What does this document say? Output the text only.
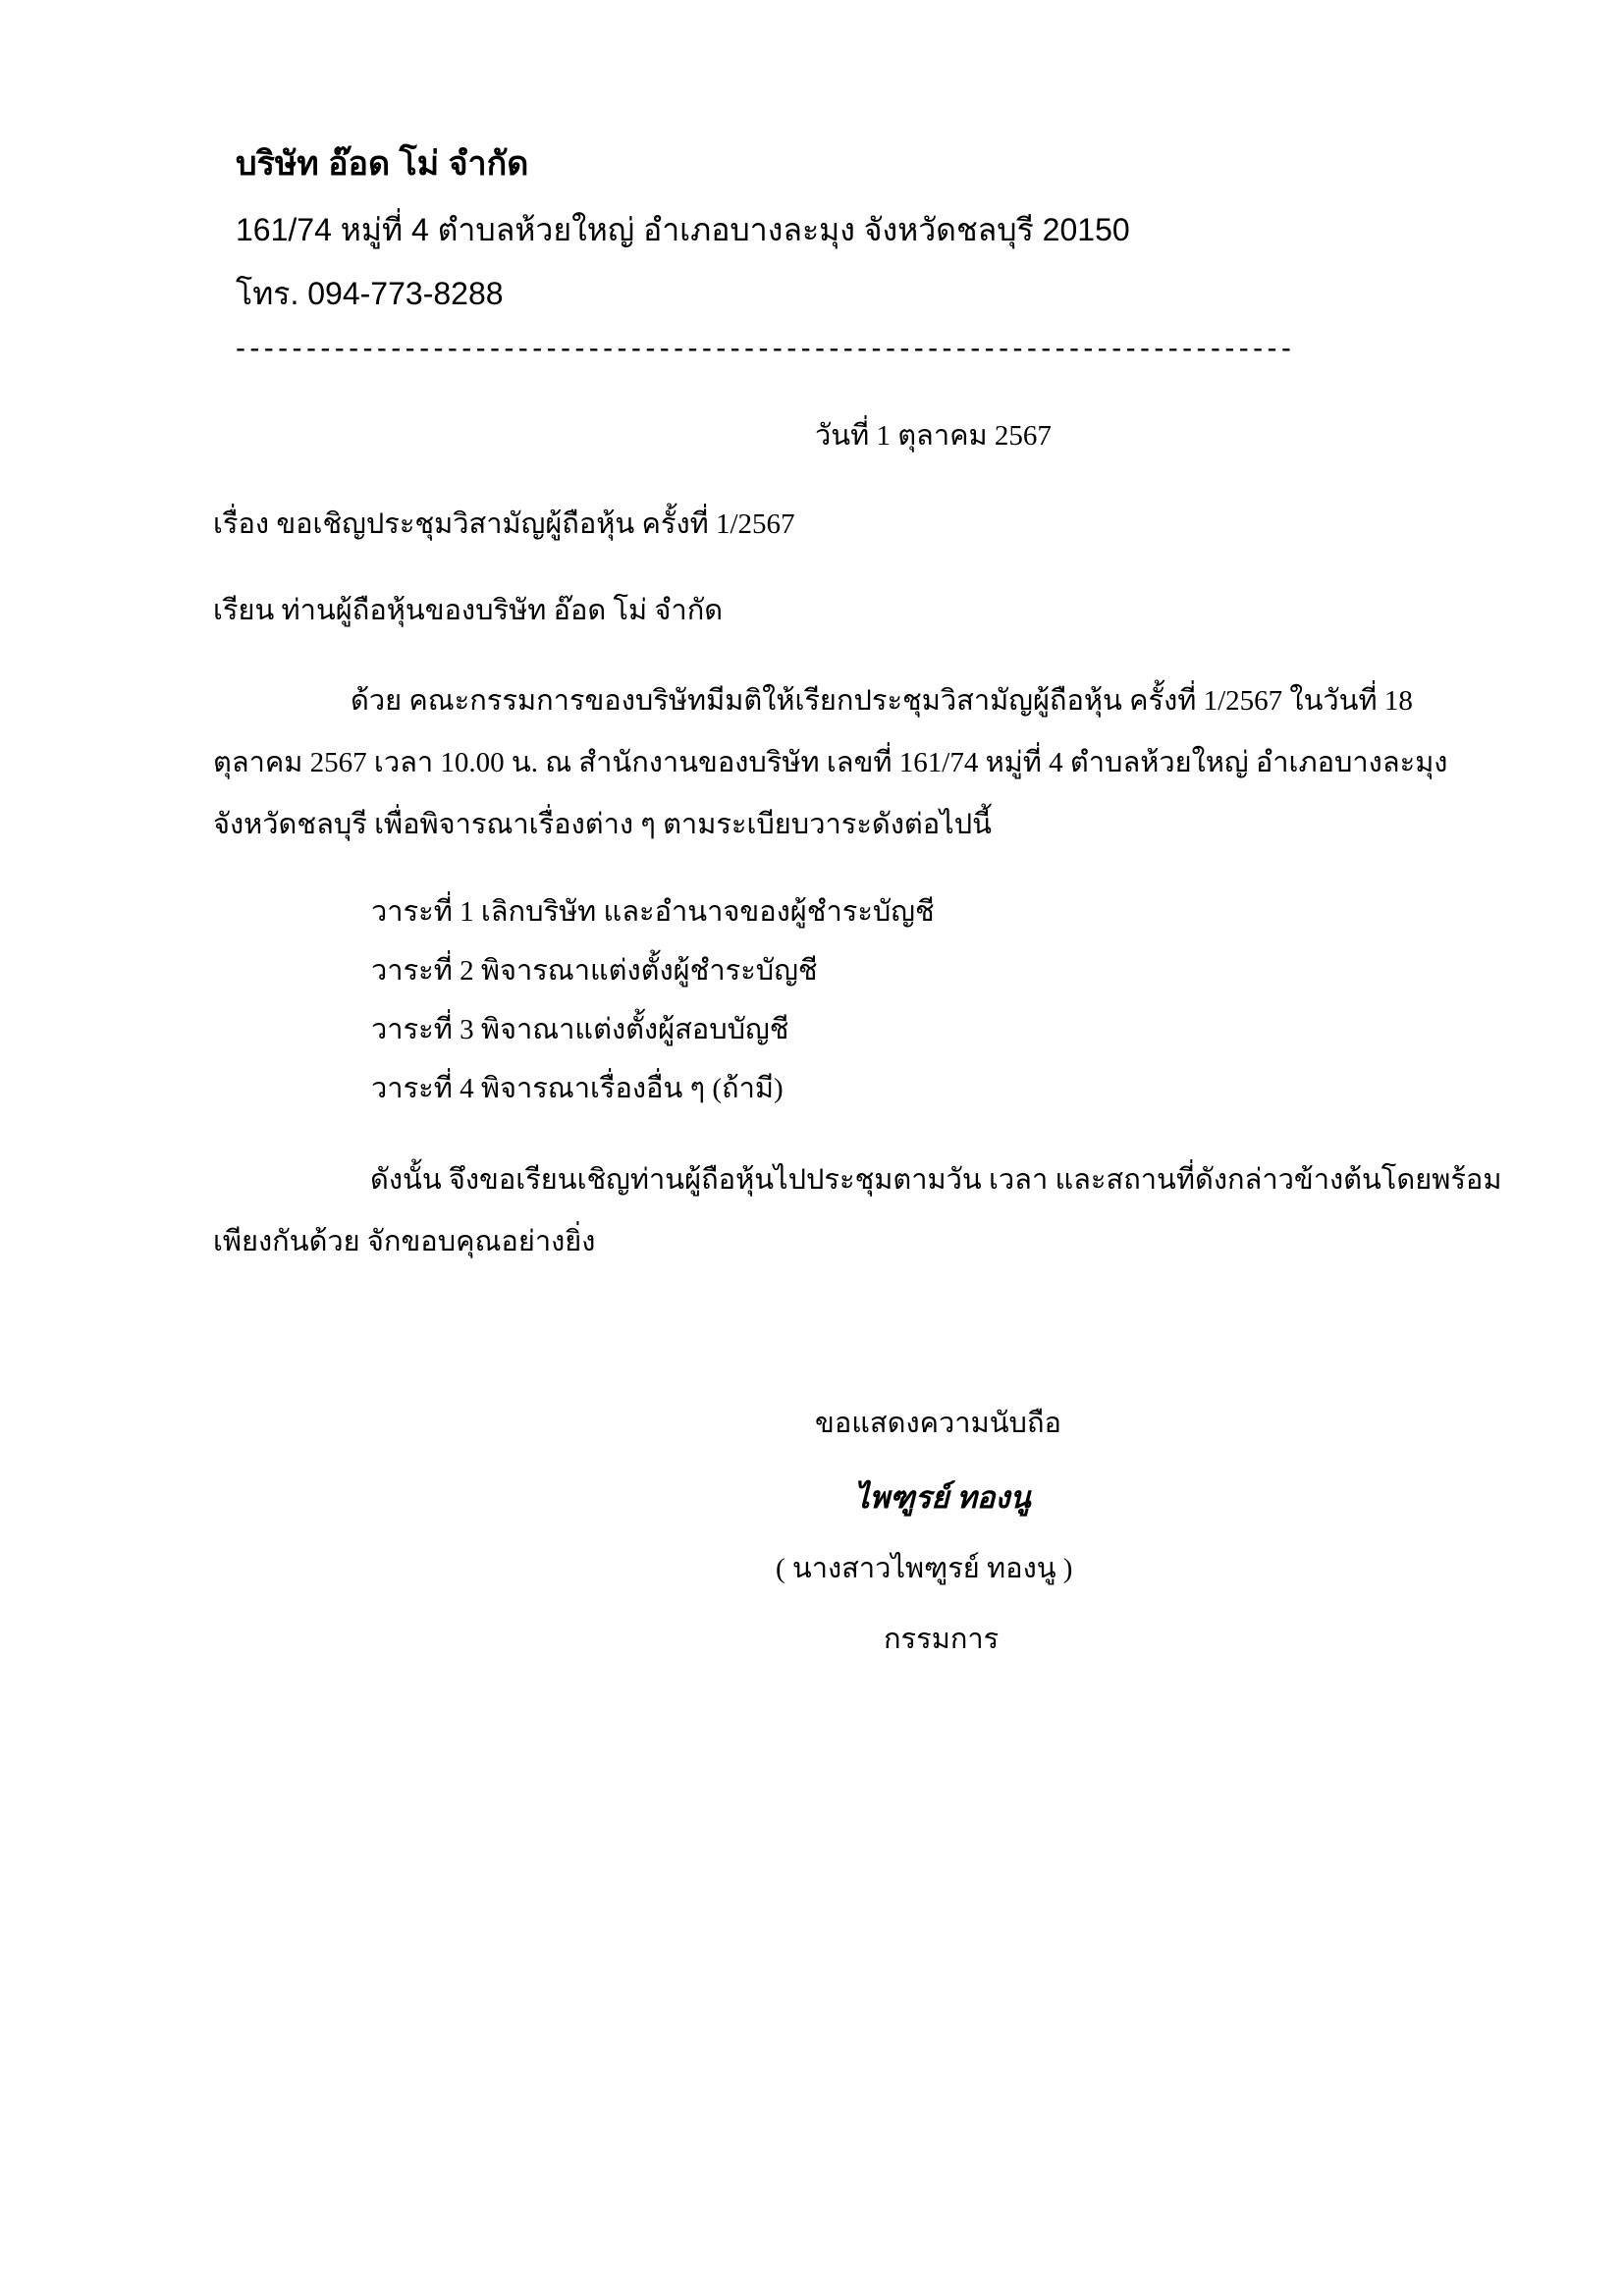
บริษัท อ๊อด โม่ จำกัด
161/74 หมู่ที่ 4 ตำบลห้วยใหญ่ อำเภอบางละมุง จังหวัดชลบุรี 20150
โทร. 094-773-8288
---------------------------------------------------------------------------
วันที่ 1 ตุลาคม 2567
เรื่อง ขอเชิญประชุมวิสามัญผู้ถือหุ้น ครั้งที่ 1/2567
เรียน ท่านผู้ถือหุ้นของบริษัท อ๊อด โม่ จำกัด
ด้วย คณะกรรมการของบริษัทมีมติให้เรียกประชุมวิสามัญผู้ถือหุ้น ครั้งที่ 1/2567 ในวันที่ 18
ตุลาคม 2567 เวลา 10.00 น. ณ สำนักงานของบริษัท เลขที่ 161/74 หมู่ที่ 4 ตำบลห้วยใหญ่ อำเภอบางละมุง
จังหวัดชลบุรี เพื่อพิจารณาเรื่องต่าง ๆ ตามระเบียบวาระดังต่อไปนี้
วาระที่ 1 เลิกบริษัท และอำนาจของผู้ชำระบัญชี
วาระที่ 2 พิจารณาแต่งตั้งผู้ชำระบัญชี
วาระที่ 3 พิจาณาแต่งตั้งผู้สอบบัญชี
วาระที่ 4 พิจารณาเรื่องอื่น ๆ (ถ้ามี)
ดังนั้น จึงขอเรียนเชิญท่านผู้ถือหุ้นไปประชุมตามวัน เวลา และสถานที่ดังกล่าวข้างต้นโดยพร้อม
เพียงกันด้วย จักขอบคุณอย่างยิ่ง
ขอแสดงความนับถือ
ไพฑูรย์ ทองนู
( นางสาวไพฑูรย์ ทองนู )
กรรมการ
